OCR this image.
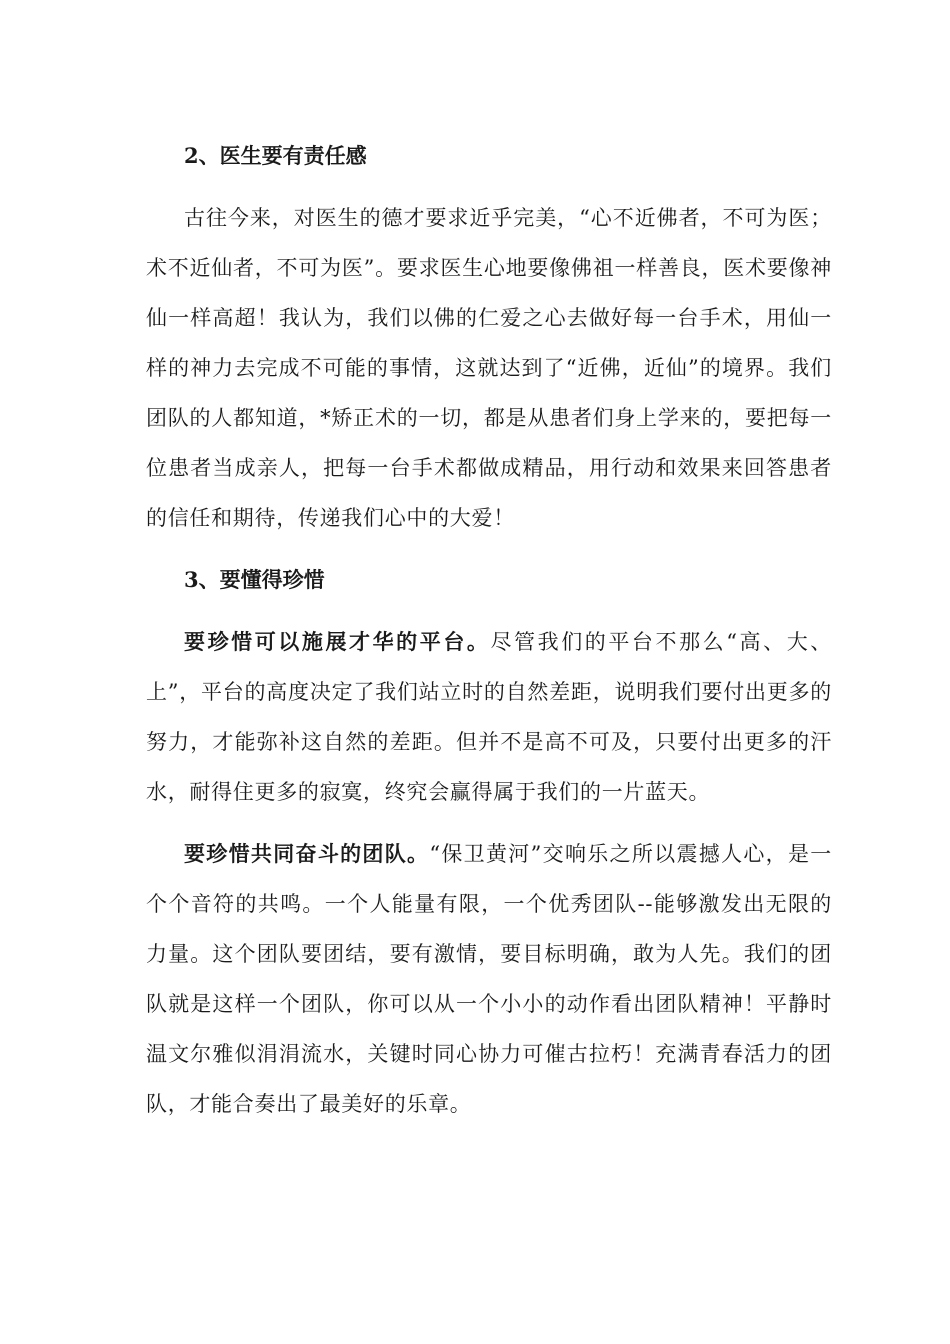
2、医生要有责任感

古往今来，对医生的德才要求近乎完美，“心不近佛者，不可为医；术不近仙者，不可为医”。要求医生心地要像佛祖一样善良，医术要像神仙一样高超！我认为，我们以佛的仁爱之心去做好每一台手术，用仙一样的神力去完成不可能的事情，这就达到了“近佛，近仙”的境界。我们团队的人都知道，*矫正术的一切，都是从患者们身上学来的，要把每一位患者当成亲人，把每一台手术都做成精品，用行动和效果来回答患者的信任和期待，传递我们心中的大爱！

3、要懂得珍惜

要珍惜可以施展才华的平台。尽管我们的平台不那么“高、大、上”，平台的高度决定了我们站立时的自然差距，说明我们要付出更多的努力，才能弥补这自然的差距。但并不是高不可及，只要付出更多的汗水，耐得住更多的寂寞，终究会赢得属于我们的一片蓝天。

要珍惜共同奋斗的团队。“保卫黄河”交响乐之所以震撼人心，是一个个音符的共鸣。一个人能量有限，一个优秀团队--能够激发出无限的力量。这个团队要团结，要有激情，要目标明确，敢为人先。我们的团队就是这样一个团队，你可以从一个小小的动作看出团队精神！平静时温文尔雅似涓涓流水，关键时同心协力可催古拉朽！充满青春活力的团队，才能合奏出了最美好的乐章。
